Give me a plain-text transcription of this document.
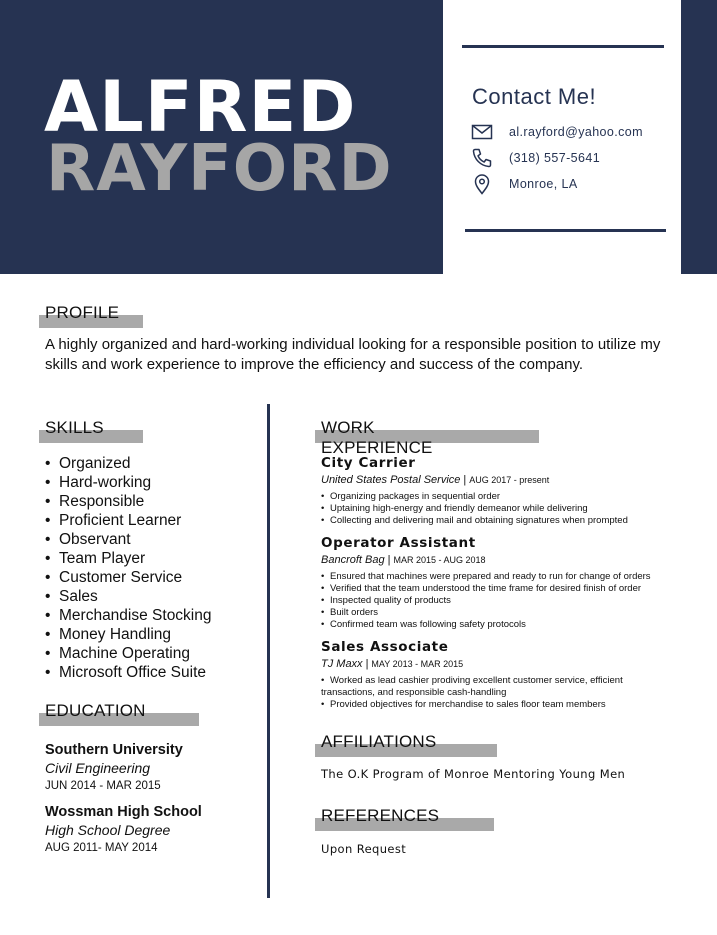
ALFRED
RAYFORD
Contact Me!
al.rayford@yahoo.com
(318) 557-5641
Monroe, LA
PROFILE
A highly organized and hard-working individual looking for a responsible position to utilize my skills and work experience to improve the efficiency and success of the company.
SKILLS
• Organized
• Hard-working
• Responsible
• Proficient Learner
• Observant
• Team Player
• Customer Service
• Sales
• Merchandise Stocking
• Money Handling
• Machine Operating
• Microsoft Office Suite
EDUCATION
Southern University
Civil Engineering
JUN 2014 - MAR 2015
Wossman High School
High School Degree
AUG 2011- MAY 2014
WORK EXPERIENCE
City Carrier
United States Postal Service | AUG 2017 - present
• Organizing packages in sequential order
• Uptaining high-energy and friendly demeanor while delivering
• Collecting and delivering mail and obtaining signatures when prompted
Operator Assistant
Bancroft Bag | MAR 2015 - AUG 2018
• Ensured that machines were prepared and ready to run for change of orders
• Verified that the team understood the time frame for desired finish of order
• Inspected quality of products
• Built orders
• Confirmed team was following safety protocols
Sales Associate
TJ Maxx | MAY 2013 - MAR 2015
• Worked as lead cashier prodiving excellent customer service, efficient transactions, and responsible cash-handling
• Provided objectives for merchandise to sales floor team members
AFFILIATIONS
The O.K Program of Monroe Mentoring Young Men
REFERENCES
Upon Request
